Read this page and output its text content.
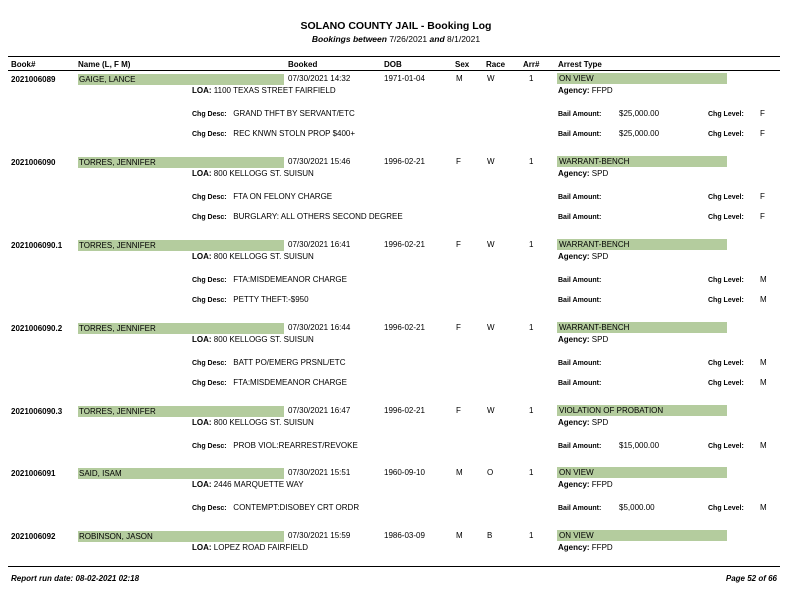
SOLANO COUNTY JAIL - Booking Log
Bookings between 7/26/2021 and 8/1/2021
Book#	Name (L, F M)	Booked	DOB	Sex Race Arr# Arrest Type
2021006089	GAIGE, LANCE	07/30/2021 14:32	1971-01-04	M	W	1	ON VIEW
LOA: 1100 TEXAS STREET FAIRFIELD	Agency: FFPD
Chg Desc: GRAND THFT BY SERVANT/ETC	Bail Amount: $25,000.00	Chg Level: F
Chg Desc: REC KNWN STOLN PROP $400+	Bail Amount: $25,000.00	Chg Level: F
2021006090	TORRES, JENNIFER	07/30/2021 15:46	1996-02-21	F	W	1	WARRANT-BENCH
LOA: 800 KELLOGG ST. SUISUN	Agency: SPD
Chg Desc: FTA ON FELONY CHARGE	Bail Amount:	Chg Level: F
Chg Desc: BURGLARY: ALL OTHERS SECOND DEGREE	Bail Amount:	Chg Level: F
2021006090.1 TORRES, JENNIFER	07/30/2021 16:41	1996-02-21	F	W	1	WARRANT-BENCH
LOA: 800 KELLOGG ST. SUISUN	Agency: SPD
Chg Desc: FTA:MISDEMEANOR CHARGE	Bail Amount:	Chg Level: M
Chg Desc: PETTY THEFT:-$950	Bail Amount:	Chg Level: M
2021006090.2 TORRES, JENNIFER	07/30/2021 16:44	1996-02-21	F	W	1	WARRANT-BENCH
LOA: 800 KELLOGG ST. SUISUN	Agency: SPD
Chg Desc: BATT PO/EMERG PRSNL/ETC	Bail Amount:	Chg Level: M
Chg Desc: FTA:MISDEMEANOR CHARGE	Bail Amount:	Chg Level: M
2021006090.3 TORRES, JENNIFER	07/30/2021 16:47	1996-02-21	F	W	1	VIOLATION OF PROBATION
LOA: 800 KELLOGG ST. SUISUN	Agency: SPD
Chg Desc: PROB VIOL:REARREST/REVOKE	Bail Amount: $15,000.00	Chg Level: M
2021006091	SAID, ISAM	07/30/2021 15:51	1960-09-10	M	O	1	ON VIEW
LOA: 2446 MARQUETTE WAY	Agency: FFPD
Chg Desc: CONTEMPT:DISOBEY CRT ORDR	Bail Amount: $5,000.00	Chg Level: M
2021006092	ROBINSON, JASON	07/30/2021 15:59	1986-03-09	M	B	1	ON VIEW
LOA: LOPEZ ROAD FAIRFIELD	Agency: FFPD
Report run date: 08-02-2021 02:18	Page 52 of 66
